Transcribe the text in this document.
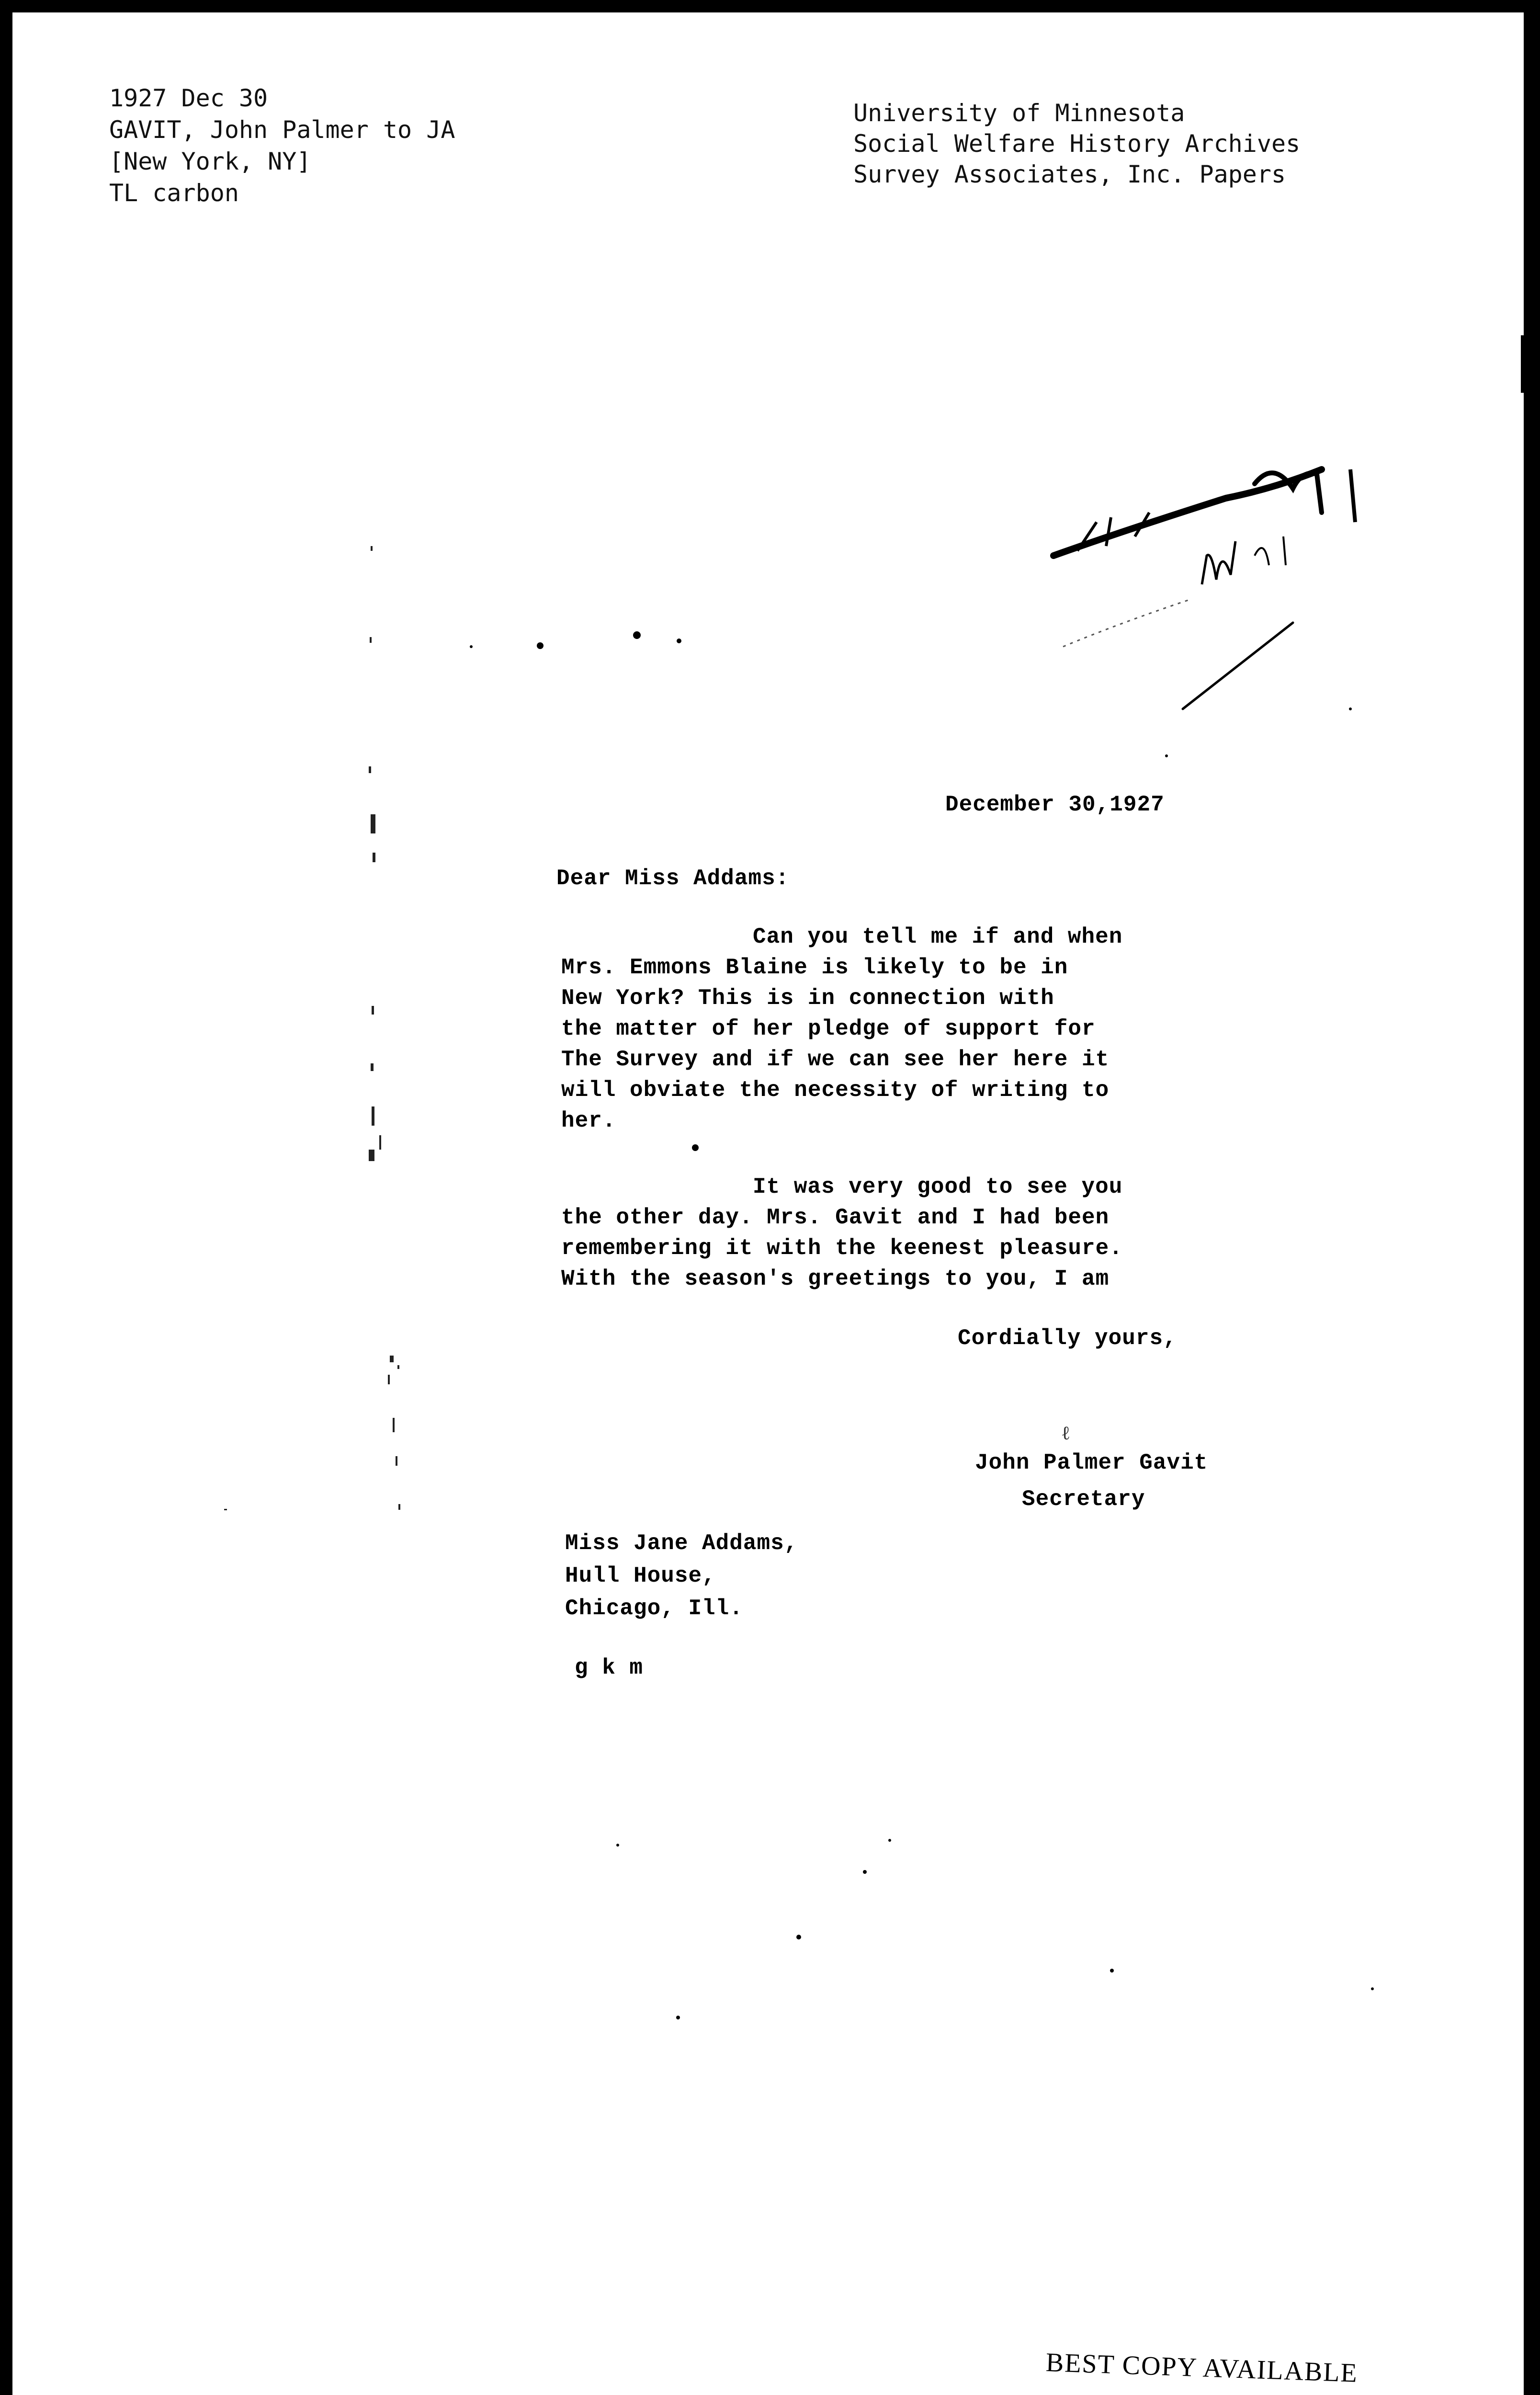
1927 Dec 30
GAVIT, John Palmer to JA
[New York, NY]
TL carbon
University of Minnesota
Social Welfare History Archives
Survey Associates, Inc. Papers
December 30,1927
Dear Miss Addams:
Can you tell me if and when
Mrs. Emmons Blaine is likely to be in
New York? This is in connection with
the matter of her pledge of support for
The Survey and if we can see her here it
will obviate the necessity of writing to
her.
It was very good to see you
the other day. Mrs. Gavit and I had been
remembering it with the keenest pleasure.
With the season's greetings to you, I am
Cordially yours,
ℓ
John Palmer Gavit
Secretary
Miss Jane Addams,
Hull House,
Chicago, Ill.
g k m
BEST COPY AVAILABLE
